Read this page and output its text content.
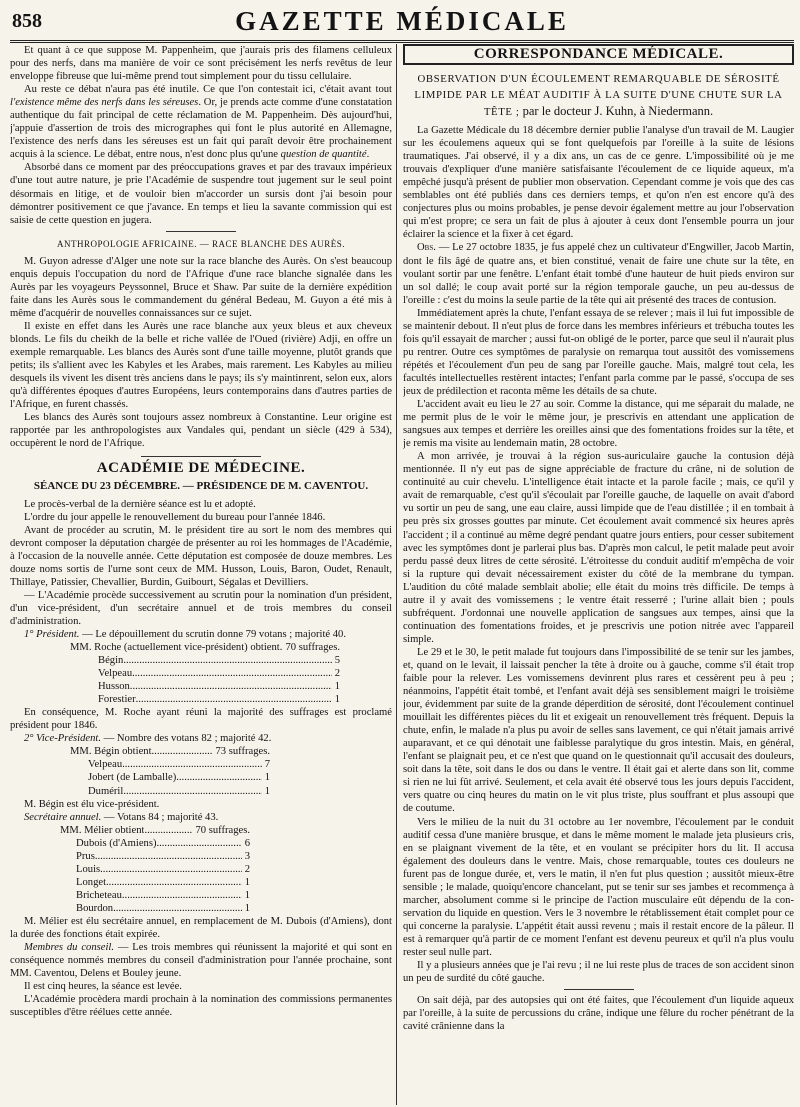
858	GAZETTE MÉDICALE

Et quant à ce que suppose M. Pappenheim, que j'aurais pris des filamens celluleux pour des nerfs, dans ma manière de voir ce sont précisément les nerfs revêtus de leur enveloppe fibreuse que lui-même prend tout simplement pour du tissu cellulaire.

Au reste ce débat n'aura pas été inutile. Ce que l'on contestait ici, c'était avant tout l'existence même des nerfs dans les séreuses. Or, je prends acte comme d'une constatation authentique du fait principal de cette réclamation de M. Pappenheim. Dès aujourd'hui, j'appuie d'assertion de trois des micrographes qui font le plus autorité en Allemagne, l'existence des nerfs dans les séreuses est un fait qui paraît devoir être prochainement acquis à la science. Le débat, entre nous, n'est donc plus qu'une question de quantité.

Absorbé dans ce moment par des préoccupations graves et par des travaux impérieux d'une tout autre nature, je prie l'Académie de suspendre tout jugement sur le seul point désormais en litige, et de vouloir bien m'accorder un sursis dont j'ai besoin pour démontrer positivement ce que j'avance. En temps et lieu la savante commission qui est saisie de cette question en jugera.

ANTHROPOLOGIE AFRICAINE. — RACE BLANCHE DES AURÈS.

M. Guyon adresse d'Alger une note sur la race blanche des Aurès. On s'est beaucoup enquis depuis l'occupation du nord de l'Afrique d'une race blanche signalée dans les Aurès par les voyageurs Peyssonnel, Bruce et Shaw. Par suite de la dernière expédition faite dans les Aurès sous le commandement du général Bedeau, M. Guyon a été mis à même d'acquérir de nouvelles connaissances sur ce sujet.

Il existe en effet dans les Aurès une race blanche aux yeux bleus et aux cheveux blonds. Le fils du cheikh de la belle et riche vallée de l'Oued (rivière) Adji, en offre un exemple remarquable. Les blancs des Aurès sont d'une taille moyenne, plutôt grands que petits; ils s'allient avec les Kabyles et les Arabes, mais rarement. Les Kabyles au milieu desquels ils vivent les disent très anciens dans le pays; ils s'y maintinrent, selon eux, alors qu'à différentes époques d'autres Européens, leurs contemporains dans d'autres parties de l'Afrique, en furent chassés.

Les blancs des Aurès sont toujours assez nombreux à Constantine. Leur origine est rapportée par les anthropologistes aux Vandales qui, pendant un siècle (429 à 534), occupèrent le nord de l'Afrique.

ACADÉMIE DE MÉDECINE.
SÉANCE DU 23 DÉCEMBRE. — PRÉSIDENCE DE M. CAVENTOU.

Le procès-verbal de la dernière séance est lu et adopté.

L'ordre du jour appelle le renouvellement du bureau pour l'année 1846.

Avant de procéder au scrutin, M. le président tire au sort le nom des membres qui devront composer la députation chargée de présenter au roi les hommages de l'Académie, à l'occasion de la nouvelle année. Cette députation est composée de douze membres. Les douze noms sortis de l'urne sont ceux de MM. Husson, Louis, Baron, Oudet, Renault, Thillaye, Patissier, Chevallier, Burdin, Guibourt, Ségalas et Devilliers.

— L'Académie procède successivement au scrutin pour la nomination d'un président, d'un vice-président, d'un secrétaire annuel et de trois membres du conseil d'administration.

1° Président. — Le dépouillement du scrutin donne 79 votans ; majorité 40.

MM. Roche (actuellement vice-président) obtient ..... 70 suffrages.
Bégin .....	5
Velpeau .....	2
Husson .....	1
Forestier .....	1

En conséquence, M. Roche ayant réuni la majorité des suffrages est proclamé président pour 1846.

2° Vice-Président. — Nombre des votans 82 ; majorité 42.

MM. Bégin obtient .....	73 suffrages.
Velpeau .....	7
Jobert (de Lamballe) .....	1
Duméril .....	1

M. Bégin est élu vice-président.

Secrétaire annuel. — Votans 84 ; majorité 43.

MM. Mélier obtient .....	70 suffrages.
Dubois (d'Amiens) .....	6
Prus .....	3
Louis .....	2
Longet .....	1
Bricheteau .....	1
Bourdon .....	1

M. Mélier est élu secrétaire annuel, en remplacement de M. Dubois (d'Amiens), dont la durée des fonctions était expirée.

Membres du conseil. — Les trois membres qui réunissent la majorité et qui sont en conséquence nommés membres du conseil d'administration pour l'année prochaine, sont MM. Caventou, Delens et Bouley jeune.

Il est cinq heures, la séance est levée.

L'Académie procèdera mardi prochain à la nomination des commissions permanentes susceptibles d'être réélues cette année.

CORRESPONDANCE MÉDICALE.
OBSERVATION D'UN ÉCOULEMENT REMARQUABLE DE SÉROSITÉ LIMPIDE PAR LE MÉAT AUDITIF À LA SUITE D'UNE CHUTE SUR LA TÊTE ; par le docteur J. Kuhn, à Niedermann.

La Gazette Médicale du 18 décembre dernier publie l'analyse d'un travail de M. Laugier sur les écoulemens aqueux qui se font quelquefois par l'oreille à la suite de lésions traumatiques. J'ai observé, il y a dix ans, un cas de ce genre. L'impossibilité où je me trouvais d'expliquer d'une manière satisfaisante l'écoulement de ce liquide aqueux, m'a empêché jusqu'à présent de publier mon observation. Cependant comme je vois que des cas semblables ont été publiés dans ces derniers temps, et qu'on n'en est encore qu'à des conjectures plus ou moins probables, je pense devoir également mettre au jour l'observation qui m'est propre; ce sera un fait de plus à ajouter à ceux dont l'ensemble pourra un jour éclairer la science et la fixer à cet égard.

Obs. — Le 27 octobre 1835, je fus appelé chez un cultivateur d'Engwiller, Jacob Martin, dont le fils âgé de quatre ans, et bien constitué, venait de faire une chute sur la tête, en voulant sortir par une fenêtre. L'enfant était tombé d'une hauteur de huit pieds environ sur un sol dallé; le coup avait porté sur la région temporale gauche, un peu au-dessus de l'oreille : c'est du moins la seule partie de la tête qui ait présenté des traces de contusion.

Immédiatement après la chute, l'enfant essaya de se relever ; mais il lui fut impossible de se maintenir debout. Il n'eut plus de force dans les membres inférieurs et trébucha toutes les fois qu'il essayait de marcher ; aussi fut-on obligé de le porter, parce que seul il n'aurait plus pu rentrer. Outre ces symptômes de paralysie on remarqua tout aussitôt des vomissemens répétés et l'écoulement d'un peu de sang par l'oreille gauche. Mais, malgré tout cela, les facultés intellectuelles restèrent intactes; l'enfant parla comme par le passé, s'occupa de ses jeux de prédilection et raconta même les détails de sa chute.

L'accident avait eu lieu le 27 au soir. Comme la distance, qui me séparait du malade, ne me permit plus de le voir le même jour, je prescrivis en attendant une application de sangsues aux tempes et derrière les oreilles ainsi que des fomentations froides sur la tête, et je remis ma visite au lendemain matin, 28 octobre.

A mon arrivée, je trouvai à la région sus-auriculaire gauche la contusion déjà mentionnée. Il n'y eut pas de signe appréciable de fracture du crâne, ni de solution de continuité au cuir chevelu. L'intelligence était intacte et la parole facile ; mais, ce qu'il y avait de remarquable, c'est qu'il s'écoulait par l'oreille gauche, de laquelle on avait d'abord vu sortir un peu de sang, une eau claire, aussi limpide que de l'eau distillée ; il en tombait à peu près six grosses gouttes par minute. Cet écoulement avait commencé six heures après l'accident ; il a continué au même degré pendant quatre jours entiers, pour cesser subitement avec les symptômes dont je parlerai plus bas. D'après mon calcul, le petit malade peut avoir perdu passé deux litres de cette sérosité. L'étroitesse du conduit auditif m'empêcha de voir si la rupture qui devait nécessairement exister du côté de la membrane du tympan. L'audition du côté malade semblait abolie; elle était du moins très difficile. De temps à autre il y avait des vomissemens ; le ventre était resserré ; l'urine allait bien ; pouls subfréquent. J'ordonnai une nouvelle application de sangsues aux tempes, ainsi que la continuation des fomentations froides, et je prescrivis une potion nitrée avec l'appareil simple.

Le 29 et le 30, le petit malade fut toujours dans l'impossibilité de se tenir sur les jambes, et, quand on le levait, il laissait pencher la tête à droite ou à gauche, comme s'il était trop faible pour la relever. Les vomissemens devinrent plus rares et cessèrent peu à peu ; néanmoins, l'appétit était tombé, et l'enfant avait déjà ses sensiblement maigri le troisième jour, évidemment par suite de la grande déperdition de sérosité, dont l'écoulement continuel mouillait les différentes pièces du lit et exigeait un renouvellement très fréquent. Depuis la chute, enfin, le malade n'a plus pu avoir de selles sans lavement, ce qui n'était jamais arrivé auparavant, et ce qui dénotait une faiblesse paralytique du gros intestin. Mais, en général, l'enfant se plaignait peu, et ce n'est que quand on le questionnait qu'il accusait des douleurs, soit dans la tête, soit dans le dos ou dans le ventre. Il était gai et alerte dans son lit, comme si rien ne lui fût arrivé. Seulement, et cela avait été observé tous les jours depuis l'accident, vers quatre ou cinq heures du matin on le vit plus triste, plus souffrant et plus assoupi que de coutume.

Vers le milieu de la nuit du 31 octobre au 1er novembre, l'écoulement par le conduit auditif cessa d'une manière brusque, et dans le même moment le malade jeta plusieurs cris, en se plaignant vivement de la tête, et en voulant se précipiter hors du lit. Il accusa également des douleurs dans le ventre. Mais, chose remarquable, toutes ces douleurs ne furent pas de longue durée, et, vers le matin, il n'en fut plus question ; aussitôt mieux-être sensible ; le malade, quoiqu'encore chancelant, put se tenir sur ses jambes et recommença à marcher, absolument comme si le principe de l'action musculaire eût dépendu de la conservation du liquide en question. Vers le 3 novembre le rétablissement était complet pour ce qui concerne la paralysie. L'appétit était aussi revenu ; mais il restait encore de la pâleur. Il est à remarquer qu'à partir de ce moment l'enfant est devenu peureux et qu'il n'a plus voulu rester seul nulle part.

Il y a plusieurs années que je l'ai revu ; il ne lui reste plus de traces de son accident sinon un peu de surdité du côté gauche.

On sait déjà, par des autopsies qui ont été faites, que l'écoulement d'un liquide aqueux par l'oreille, à la suite de percussions du crâne, indique une fêlure du rocher pénétrant de la cavité crânienne dans la
